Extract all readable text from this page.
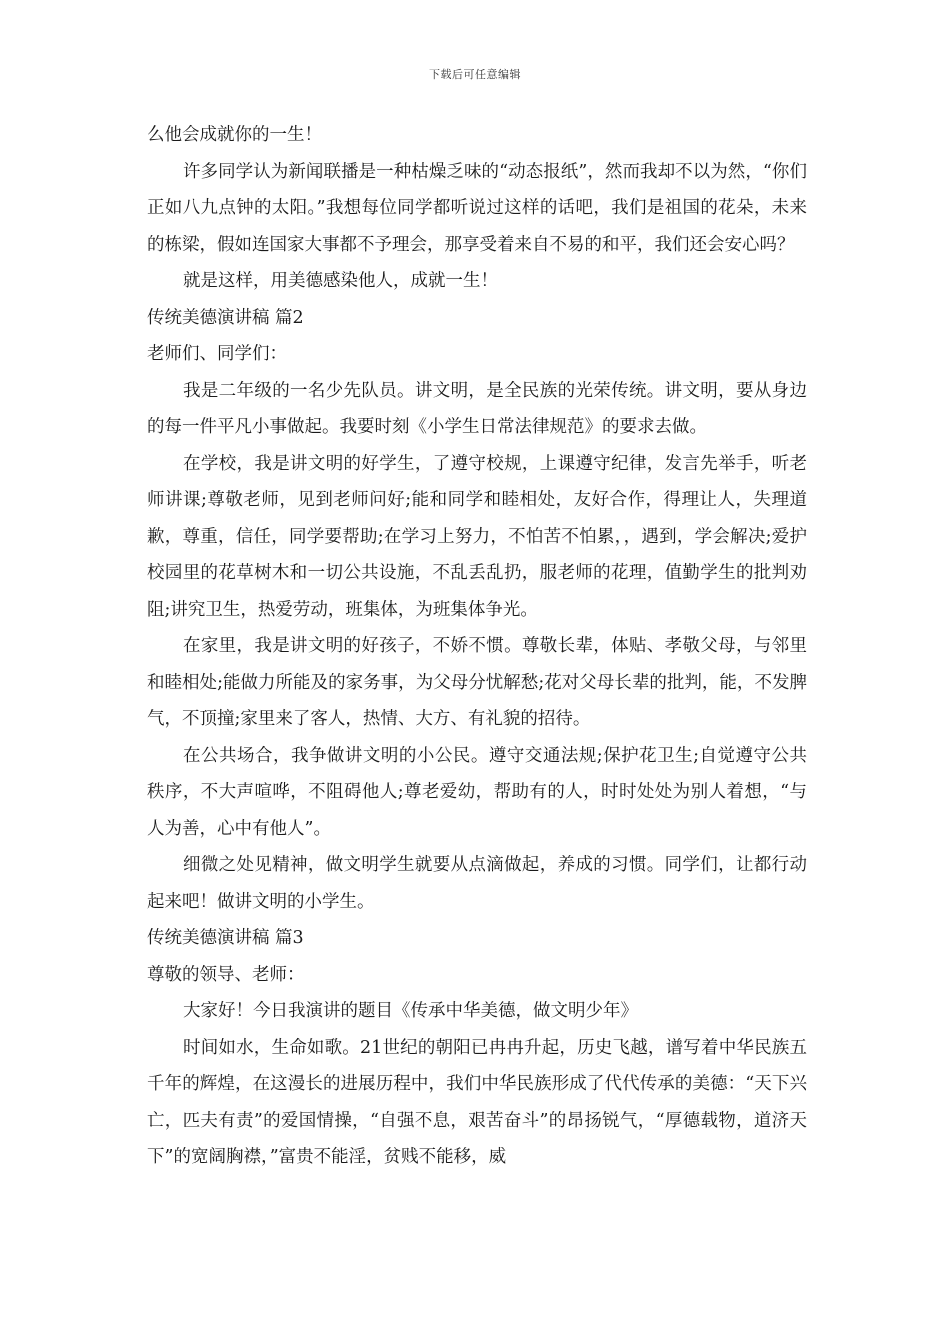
下载后可任意编辑

么他会成就你的一生！

许多同学认为新闻联播是一种枯燥乏味的“动态报纸”，然而我却不以为然，“你们正如八九点钟的太阳。”我想每位同学都听说过这样的话吧，我们是祖国的花朵，未来的栋梁，假如连国家大事都不予理会，那享受着来自不易的和平，我们还会安心吗？

就是这样，用美德感染他人，成就一生！

传统美德演讲稿 篇2

老师们、同学们：

我是二年级的一名少先队员。讲文明，是全民族的光荣传统。讲文明，要从身边的每一件平凡小事做起。我要时刻《小学生日常法律规范》的要求去做。

在学校，我是讲文明的好学生，了遵守校规，上课遵守纪律，发言先举手，听老师讲课;尊敬老师，见到老师问好;能和同学和睦相处，友好合作，得理让人，失理道歉，尊重，信任，同学要帮助;在学习上努力，不怕苦不怕累，，遇到，学会解决;爱护校园里的花草树木和一切公共设施，不乱丢乱扔，服老师的花理，值勤学生的批判劝阻;讲究卫生，热爱劳动，班集体，为班集体争光。

在家里，我是讲文明的好孩子，不娇不惯。尊敬长辈，体贴、孝敬父母，与邻里和睦相处;能做力所能及的家务事，为父母分忧解愁;花对父母长辈的批判，能，不发脾气，不顶撞;家里来了客人，热情、大方、有礼貌的招待。

在公共场合，我争做讲文明的小公民。遵守交通法规;保护花卫生;自觉遵守公共秩序，不大声喧哗，不阻碍他人;尊老爱幼，帮助有的人，时时处处为别人着想，“与人为善，心中有他人”。

细微之处见精神，做文明学生就要从点滴做起，养成的习惯。同学们，让都行动起来吧！做讲文明的小学生。

传统美德演讲稿 篇3

尊敬的领导、老师：

大家好！今日我演讲的题目《传承中华美德，做文明少年》

时间如水，生命如歌。21世纪的朝阳已冉冉升起，历史飞越，谱写着中华民族五千年的辉煌，在这漫长的进展历程中，我们中华民族形成了代代传承的美德：“天下兴亡，匹夫有责”的爱国情操，“自强不息，艰苦奋斗”的昂扬锐气，“厚德载物，道济天下”的宽阔胸襟，”富贵不能淫，贫贱不能移，威
